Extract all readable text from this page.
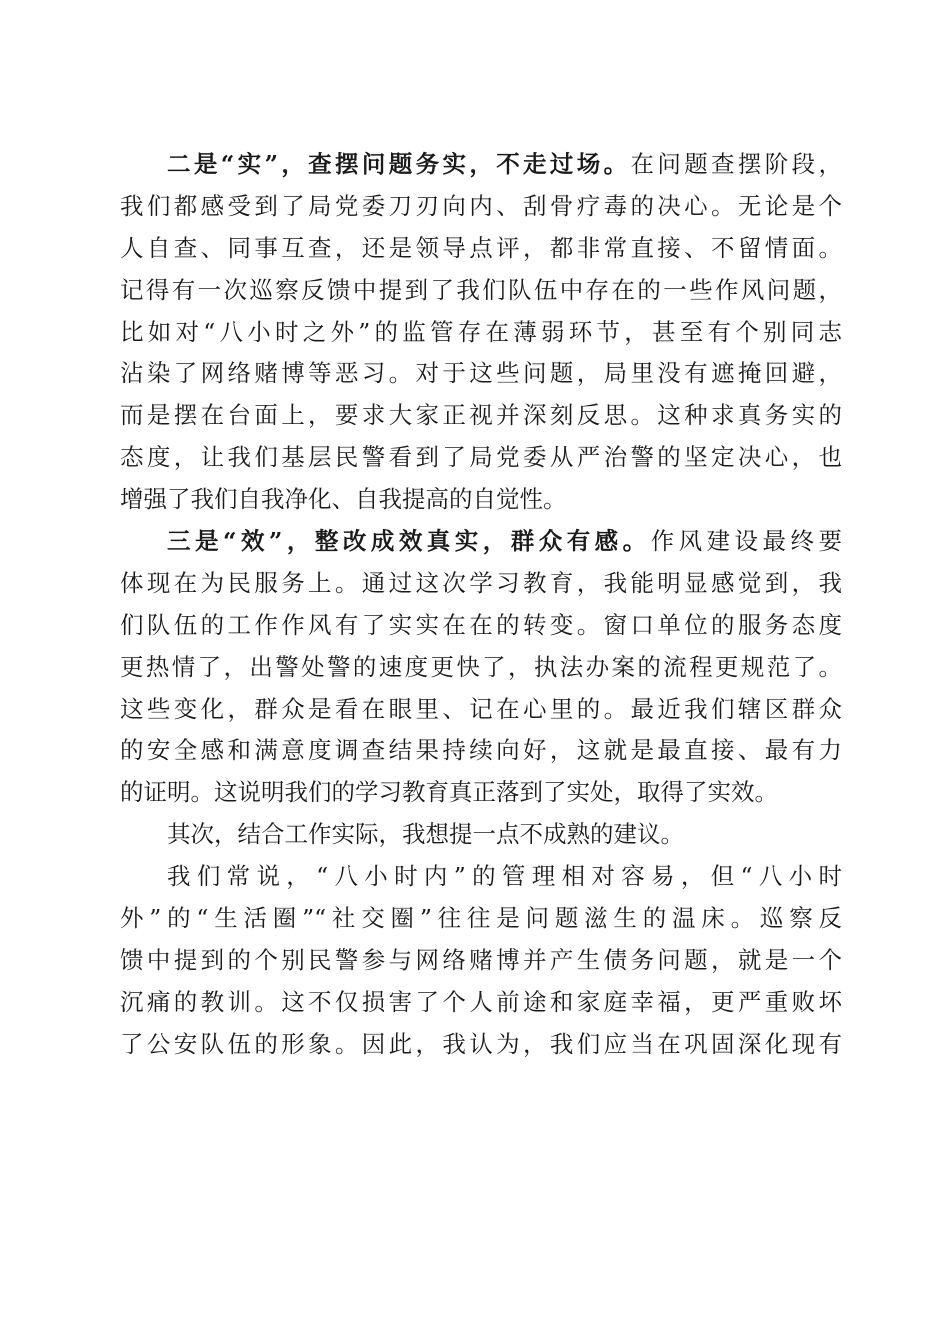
二是“实”，查摆问题务实，不走过场。在问题查摆阶段，
我们都感受到了局党委刀刃向内、刮骨疗毒的决心。无论是个
人自查、同事互查，还是领导点评，都非常直接、不留情面。
记得有一次巡察反馈中提到了我们队伍中存在的一些作风问题，
比如对“八小时之外”的监管存在薄弱环节，甚至有个别同志
沾染了网络赌博等恶习。对于这些问题，局里没有遮掩回避，
而是摆在台面上，要求大家正视并深刻反思。这种求真务实的
态度，让我们基层民警看到了局党委从严治警的坚定决心，也
增强了我们自我净化、自我提高的自觉性。
三是“效”，整改成效真实，群众有感。作风建设最终要
体现在为民服务上。通过这次学习教育，我能明显感觉到，我
们队伍的工作作风有了实实在在的转变。窗口单位的服务态度
更热情了，出警处警的速度更快了，执法办案的流程更规范了。
这些变化，群众是看在眼里、记在心里的。最近我们辖区群众
的安全感和满意度调查结果持续向好，这就是最直接、最有力
的证明。这说明我们的学习教育真正落到了实处，取得了实效。
其次，结合工作实际，我想提一点不成熟的建议。
我们常说，“八小时内”的管理相对容易，但“八小时
外”的“生活圈”“社交圈”往往是问题滋生的温床。巡察反
馈中提到的个别民警参与网络赌博并产生债务问题，就是一个
沉痛的教训。这不仅损害了个人前途和家庭幸福，更严重败坏
了公安队伍的形象。因此，我认为，我们应当在巩固深化现有
